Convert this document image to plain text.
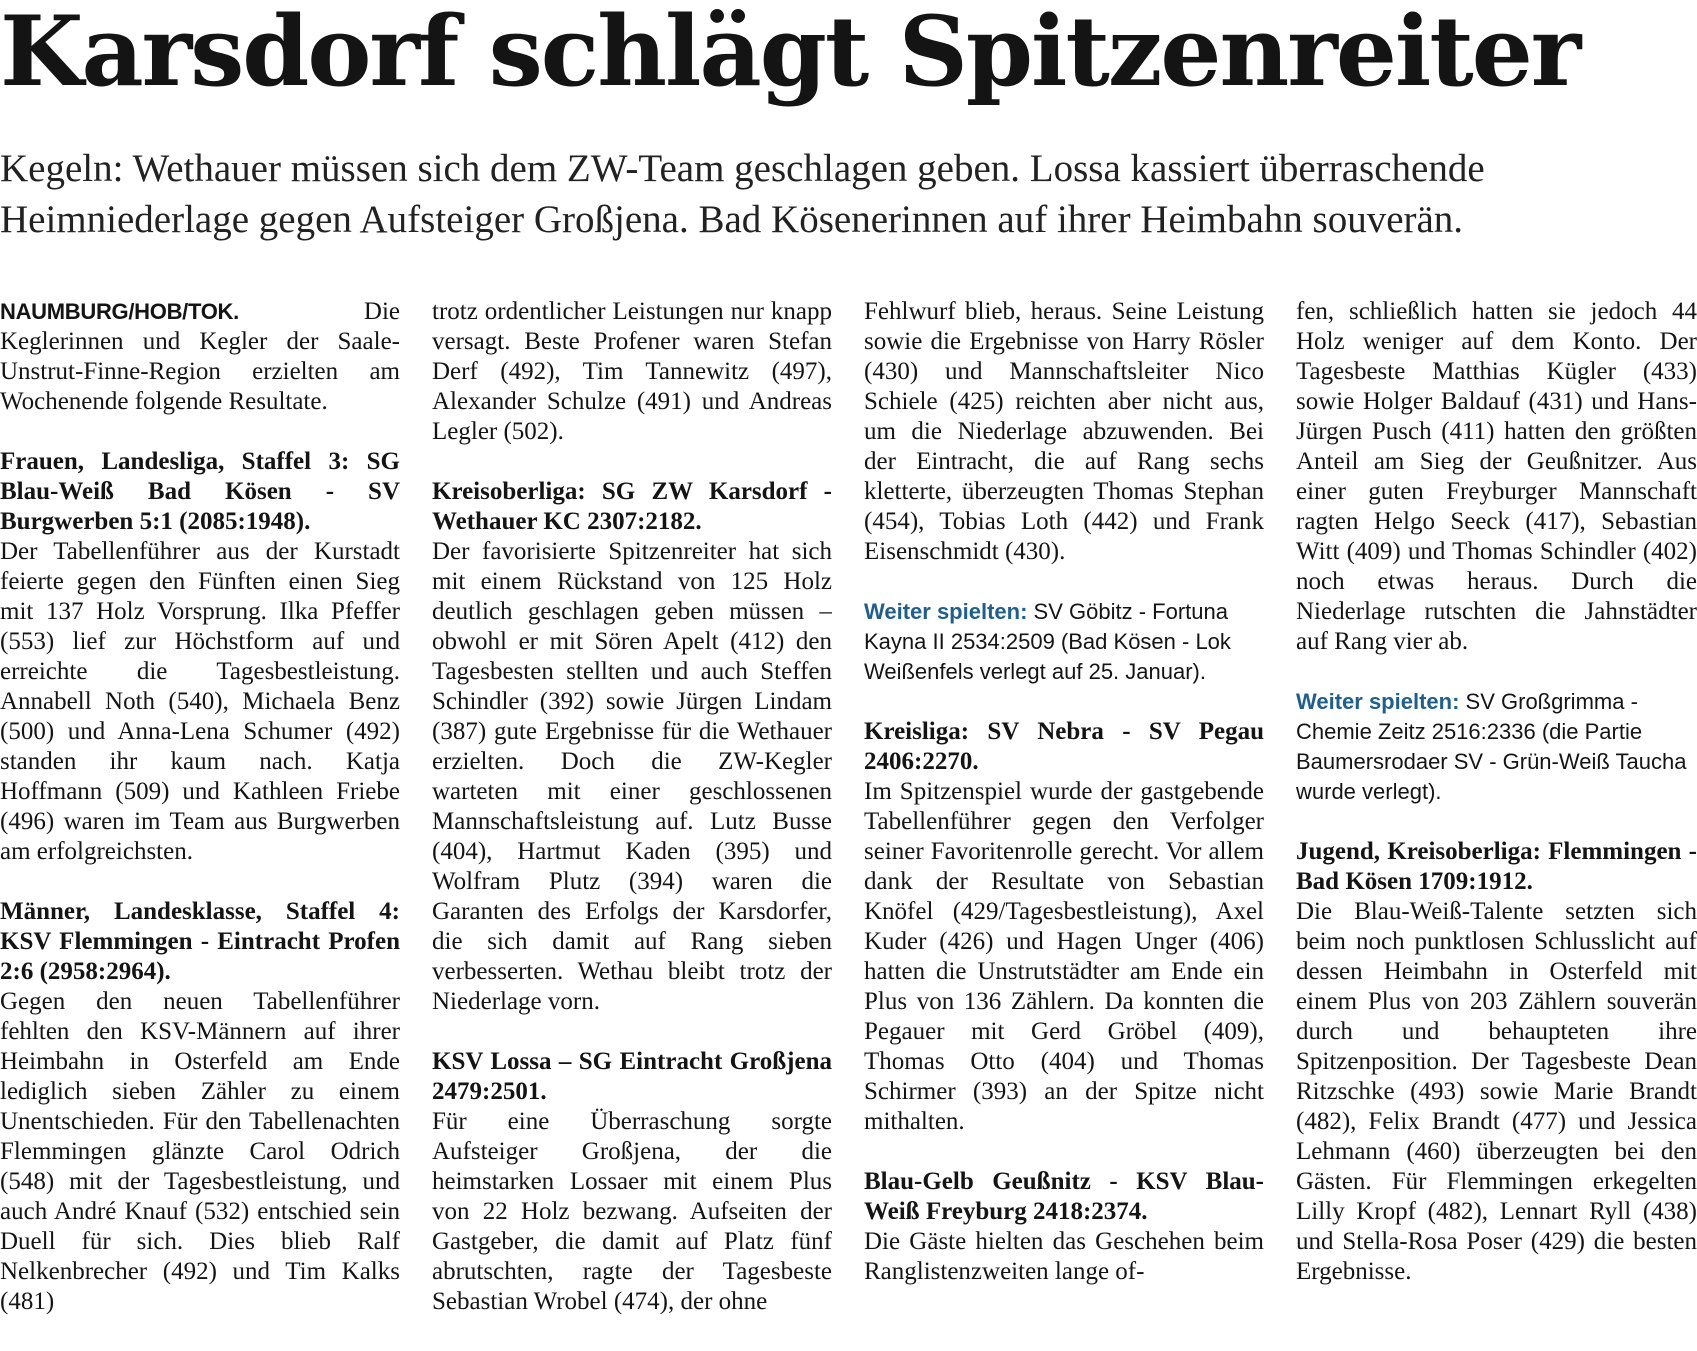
Karsdorf schlägt Spitzenreiter
Kegeln: Wethauer müssen sich dem ZW-Team geschlagen geben. Lossa kassiert überraschende
Heimniederlage gegen Aufsteiger Großjena. Bad Kösenerinnen auf ihrer Heimbahn souverän.

NAUMBURG/HOB/TOK.	Die Keglerinnen und Kegler der Saale-Unstrut-Finne-Region erzielten am Wochenende folgende Resultate.

Frauen, Landesliga, Staffel 3: SG Blau-Weiß Bad Kösen - SV Burgwerben 5:1 (2085:1948).

Der Tabellenführer aus der Kurstadt feierte gegen den Fünften einen Sieg mit 137 Holz Vorsprung. Ilka Pfeffer (553) lief zur Höchstform auf und erreichte die Tagesbestleistung. Annabell Noth (540), Michaela Benz (500) und Anna-Lena Schumer (492) standen ihr kaum nach. Katja Hoffmann (509) und Kathleen Friebe (496) waren im Team aus Burgwerben am erfolgreichsten.

Männer, Landesklasse, Staffel 4: KSV Flemmingen - Eintracht Profen 2:6 (2958:2964).

Gegen den neuen Tabellenführer fehlten den KSV-Männern auf ihrer Heimbahn in Osterfeld am Ende lediglich sieben Zähler zu einem Unentschieden. Für den Tabellenachten Flemmingen glänzte Carol Odrich (548) mit der Tagesbestleistung, und auch André Knauf (532) entschied sein Duell für sich. Dies blieb Ralf Nelkenbrecher (492) und Tim Kalks (481)

trotz ordentlicher Leistungen nur knapp versagt. Beste Profener waren Stefan Derf (492), Tim Tannewitz (497), Alexander Schulze (491) und Andreas Legler (502).

Kreisoberliga: SG ZW Karsdorf - Wethauer KC 2307:2182.

Der favorisierte Spitzenreiter hat sich mit einem Rückstand von 125 Holz deutlich geschlagen geben müssen – obwohl er mit Sören Apelt (412) den Tagesbesten stellten und auch Steffen Schindler (392) sowie Jürgen Lindam (387) gute Ergebnisse für die Wethauer erzielten. Doch die ZW-Kegler warteten mit einer geschlossenen Mannschaftsleistung auf. Lutz Busse (404), Hartmut Kaden (395) und Wolfram Plutz (394) waren die Garanten des Erfolgs der Karsdorfer, die sich damit auf Rang sieben verbesserten. Wethau bleibt trotz der Niederlage vorn.

KSV Lossa – SG Eintracht Großjena 2479:2501.

Für eine Überraschung sorgte Aufsteiger Großjena, der die heimstarken Lossaer mit einem Plus von 22 Holz bezwang. Aufseiten der Gastgeber, die damit auf Platz fünf abrutschten, ragte der Tagesbeste Sebastian Wrobel (474), der ohne

Fehlwurf blieb, heraus. Seine Leistung sowie die Ergebnisse von Harry Rösler (430) und Mannschaftsleiter Nico Schiele (425) reichten aber nicht aus, um die Niederlage abzuwenden. Bei der Eintracht, die auf Rang sechs kletterte, überzeugten Thomas Stephan (454), Tobias Loth (442) und Frank Eisenschmidt (430).

Weiter spielten: SV Göbitz - Fortuna Kayna II 2534:2509 (Bad Kösen - Lok Weißenfels verlegt auf 25. Januar).

Kreisliga: SV Nebra - SV Pegau 2406:2270.

Im Spitzenspiel wurde der gastgebende Tabellenführer gegen den Verfolger seiner Favoritenrolle gerecht. Vor allem dank der Resultate von Sebastian Knöfel (429/Tagesbestleistung), Axel Kuder (426) und Hagen Unger (406) hatten die Unstrutstädter am Ende ein Plus von 136 Zählern. Da konnten die Pegauer mit Gerd Gröbel (409), Thomas Otto (404) und Thomas Schirmer (393) an der Spitze nicht mithalten.

Blau-Gelb Geußnitz - KSV Blau-Weiß Freyburg 2418:2374.

Die Gäste hielten das Geschehen beim Ranglistenzweiten lange of-

fen, schließlich hatten sie jedoch 44 Holz weniger auf dem Konto. Der Tagesbeste Matthias Kügler (433) sowie Holger Baldauf (431) und Hans-Jürgen Pusch (411) hatten den größten Anteil am Sieg der Geußnitzer. Aus einer guten Freyburger Mannschaft ragten Helgo Seeck (417), Sebastian Witt (409) und Thomas Schindler (402) noch etwas heraus. Durch die Niederlage rutschten die Jahnstädter auf Rang vier ab.

Weiter spielten: SV Großgrimma - Chemie Zeitz 2516:2336 (die Partie Baumersrodaer SV - Grün-Weiß Taucha wurde verlegt).

Jugend, Kreisoberliga: Flemmingen - Bad Kösen 1709:1912.

Die Blau-Weiß-Talente setzten sich beim noch punktlosen Schlusslicht auf dessen Heimbahn in Osterfeld mit einem Plus von 203 Zählern souverän durch und behaupteten ihre Spitzenposition. Der Tagesbeste Dean Ritzschke (493) sowie Marie Brandt (482), Felix Brandt (477) und Jessica Lehmann (460) überzeugten bei den Gästen. Für Flemmingen erkegelten Lilly Kropf (482), Lennart Ryll (438) und Stella-Rosa Poser (429) die besten Ergebnisse.
